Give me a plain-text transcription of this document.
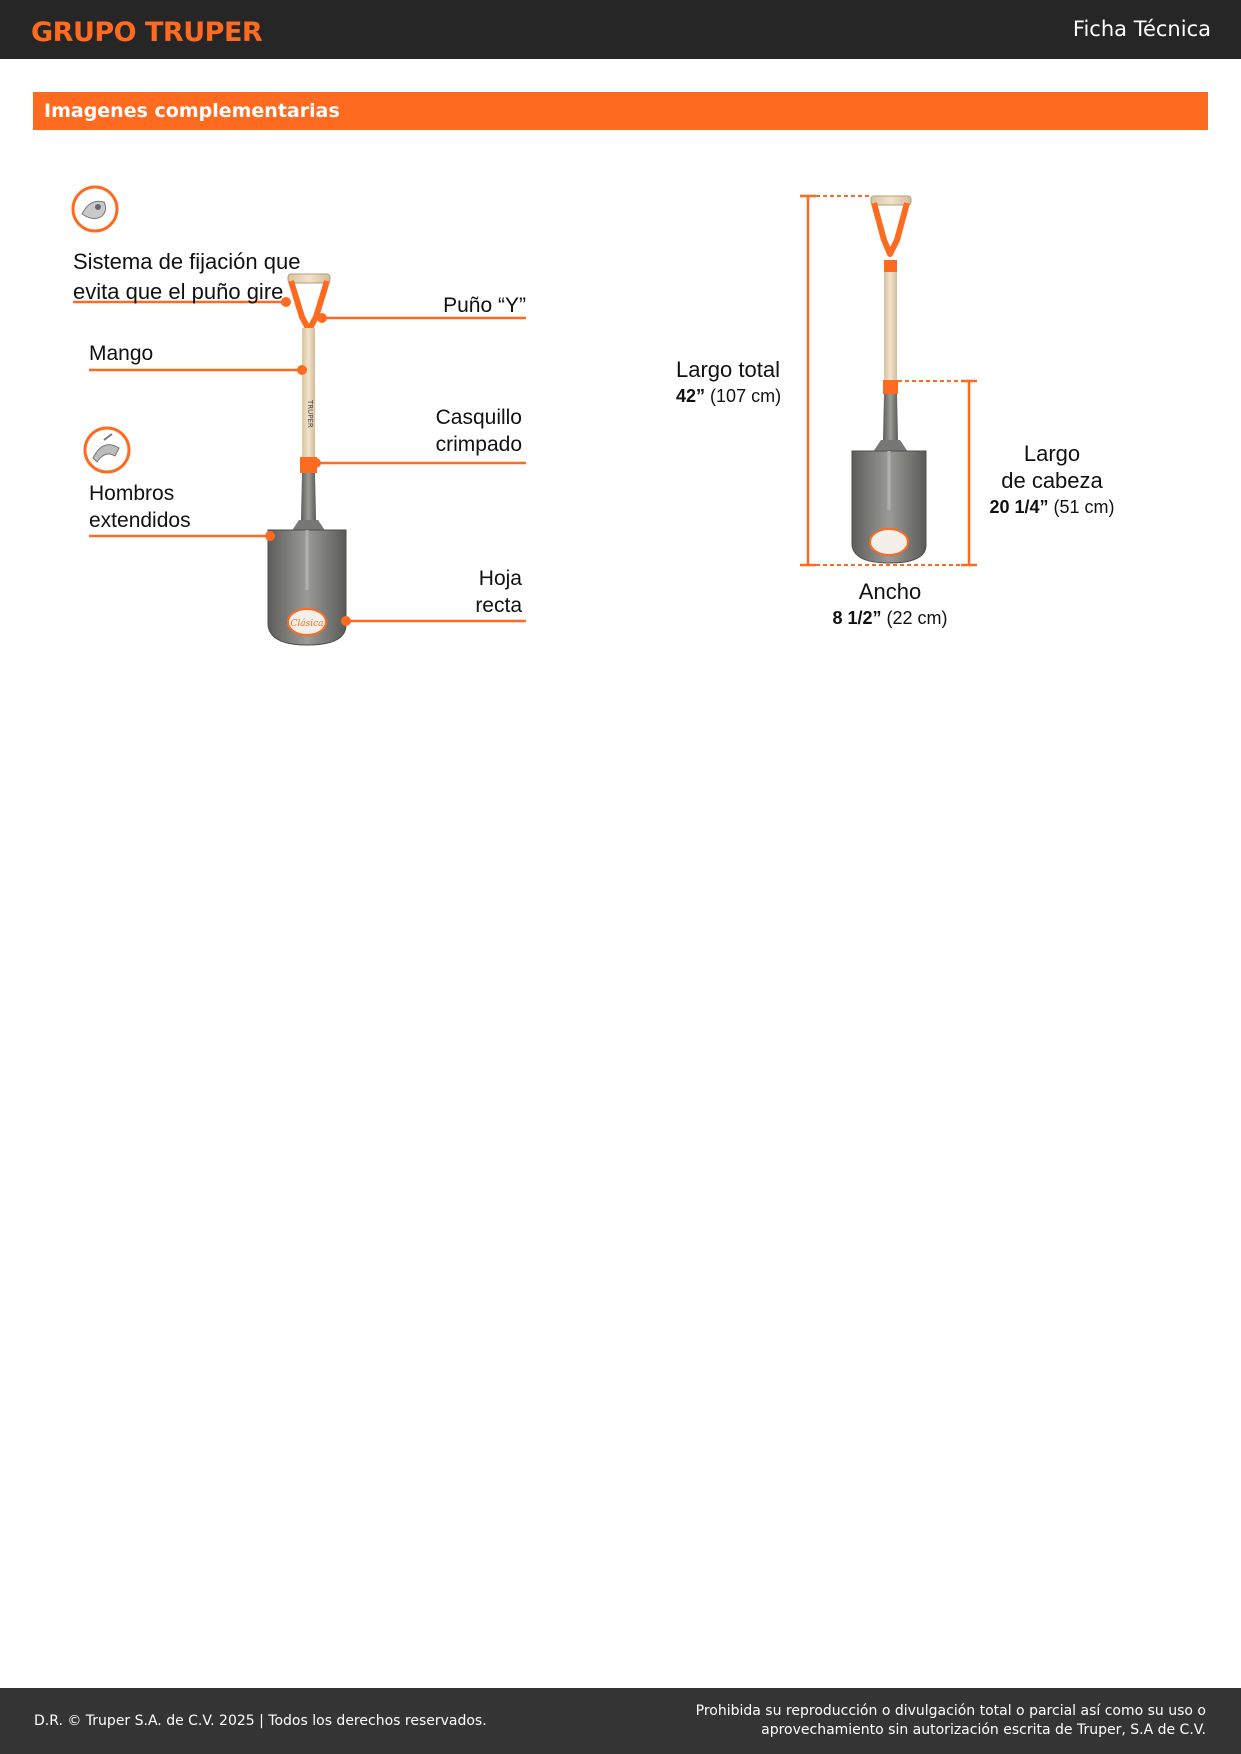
GRUPO TRUPER	Ficha Técnica
Imagenes complementarias
TRUPER
Clásica
Sistema de fijación que
evita que el puño gire
Puño “Y”
Mango
Casquillo
crimpado
Hombros
extendidos
Hoja
recta
Largo total
42” (107 cm)
Largo
de cabeza
20 1/4” (51 cm)
Ancho
8 1/2” (22 cm)
D.R. © Truper S.A. de C.V. 2025 | Todos los derechos reservados.
Prohibida su reproducción o divulgación total o parcial así como su uso o
aprovechamiento sin autorización escrita de Truper, S.A de C.V.
